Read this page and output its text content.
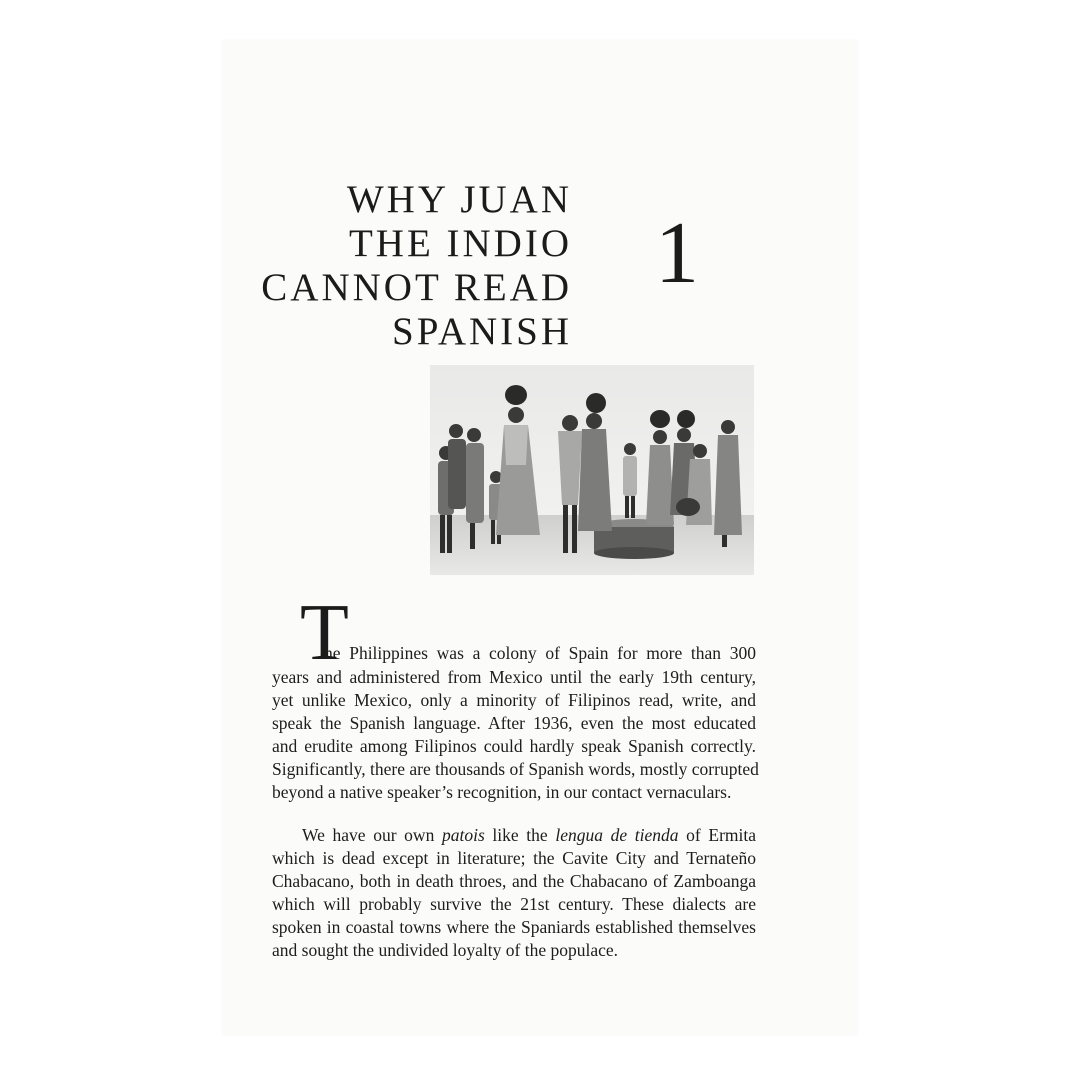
WHY JUAN
THE INDIO
CANNOT READ
SPANISH
1
T
he Philippines was a colony of Spain for more than 300
years and administered from Mexico until the early 19th century,
yet unlike Mexico, only a minority of Filipinos read, write, and
speak the Spanish language. After 1936, even the most educated
and erudite among Filipinos could hardly speak Spanish correctly.
Significantly, there are thousands of Spanish words, mostly corrupted
beyond a native speaker’s recognition, in our contact vernaculars.
We have our own patois like the lengua de tienda of Ermita
which is dead except in literature; the Cavite City and Ternateño
Chabacano, both in death throes, and the Chabacano of Zamboanga
which will probably survive the 21st century. These dialects are
spoken in coastal towns where the Spaniards established themselves
and sought the undivided loyalty of the populace.
